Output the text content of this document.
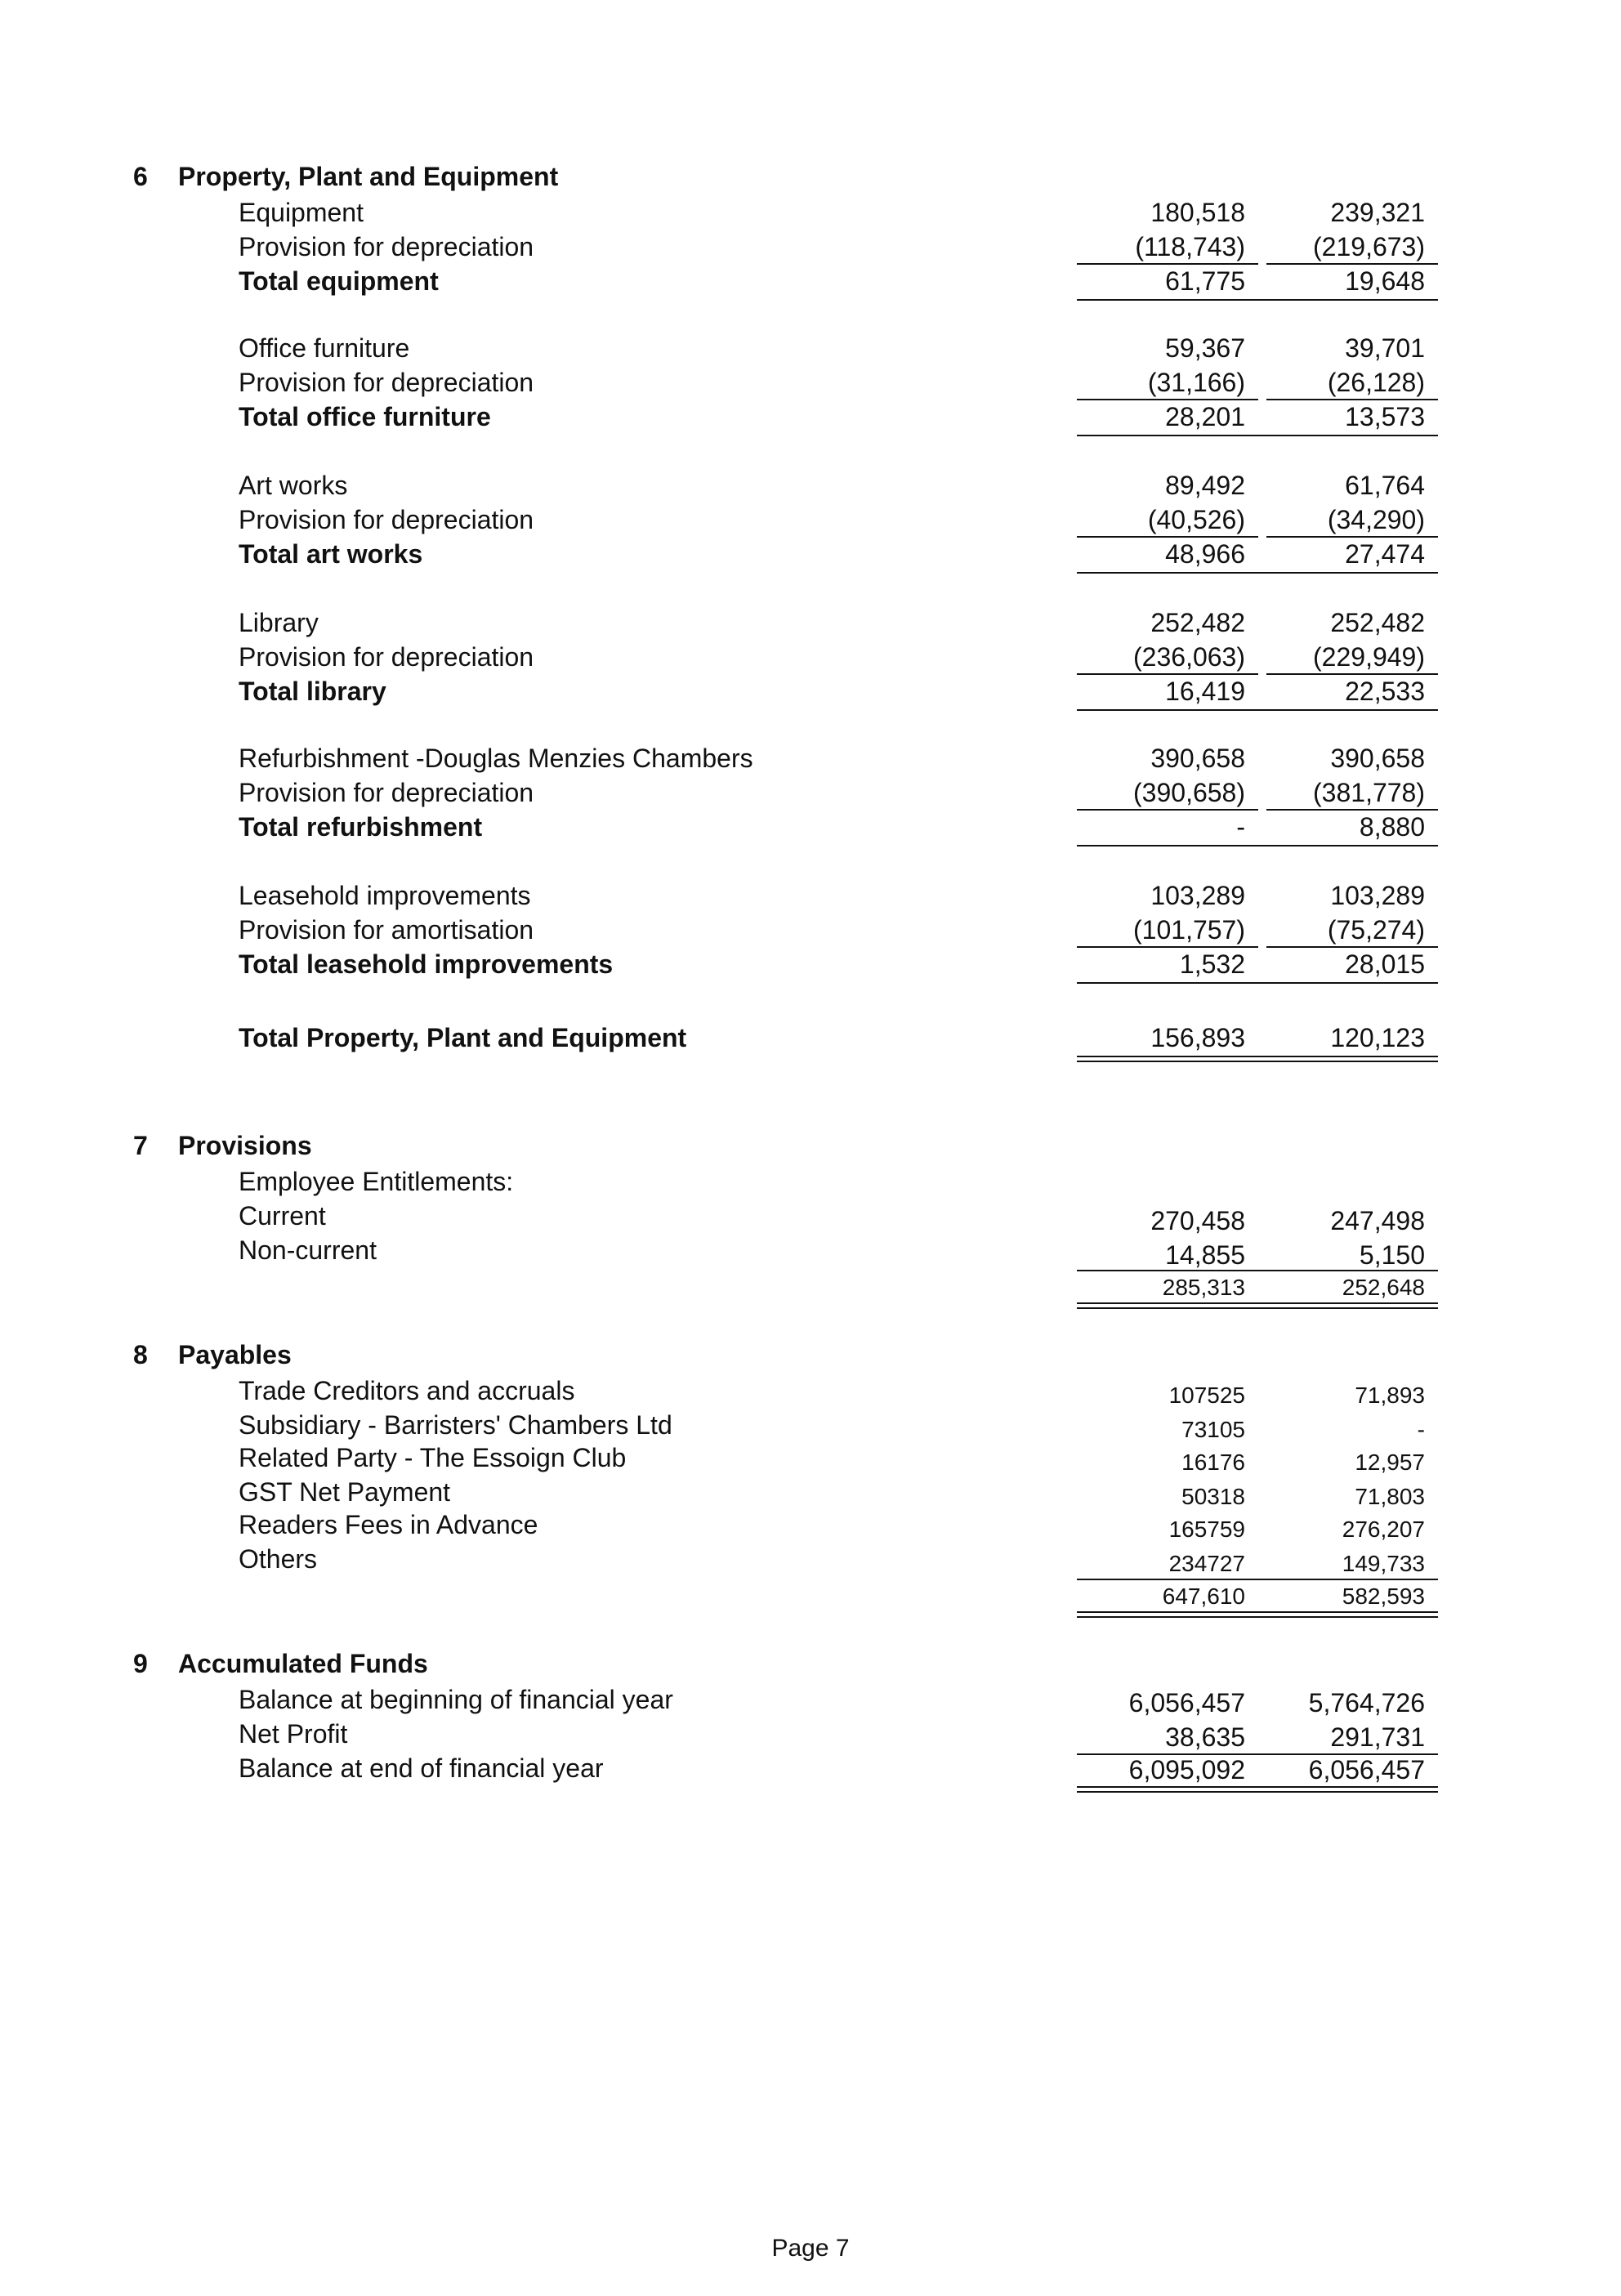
6	Property, Plant and Equipment
Equipment	180,518	239,321
Provision for depreciation	(118,743)	(219,673)
Total equipment	61,775	19,648
Office furniture	59,367	39,701
Provision for depreciation	(31,166)	(26,128)
Total office furniture	28,201	13,573
Art works	89,492	61,764
Provision for depreciation	(40,526)	(34,290)
Total art works	48,966	27,474
Library	252,482	252,482
Provision for depreciation	(236,063)	(229,949)
Total library	16,419	22,533
Refurbishment -Douglas Menzies Chambers	390,658	390,658
Provision for depreciation	(390,658)	(381,778)
Total refurbishment	-	8,880
Leasehold improvements	103,289	103,289
Provision for amortisation	(101,757)	(75,274)
Total leasehold improvements	1,532	28,015
Total Property, Plant and Equipment	156,893	120,123
7	Provisions
Employee Entitlements:
Current	270,458	247,498
Non-current	14,855	5,150
285,313	252,648
8	Payables
Trade Creditors and accruals	107525	71,893
Subsidiary - Barristers' Chambers Ltd	73105	-
Related Party - The Essoign Club	16176	12,957
GST Net Payment	50318	71,803
Readers Fees in Advance	165759	276,207
Others	234727	149,733
647,610	582,593
9	Accumulated Funds
Balance at beginning of financial year	6,056,457	5,764,726
Net Profit	38,635	291,731
Balance at end of financial year	6,095,092	6,056,457
Page 7
